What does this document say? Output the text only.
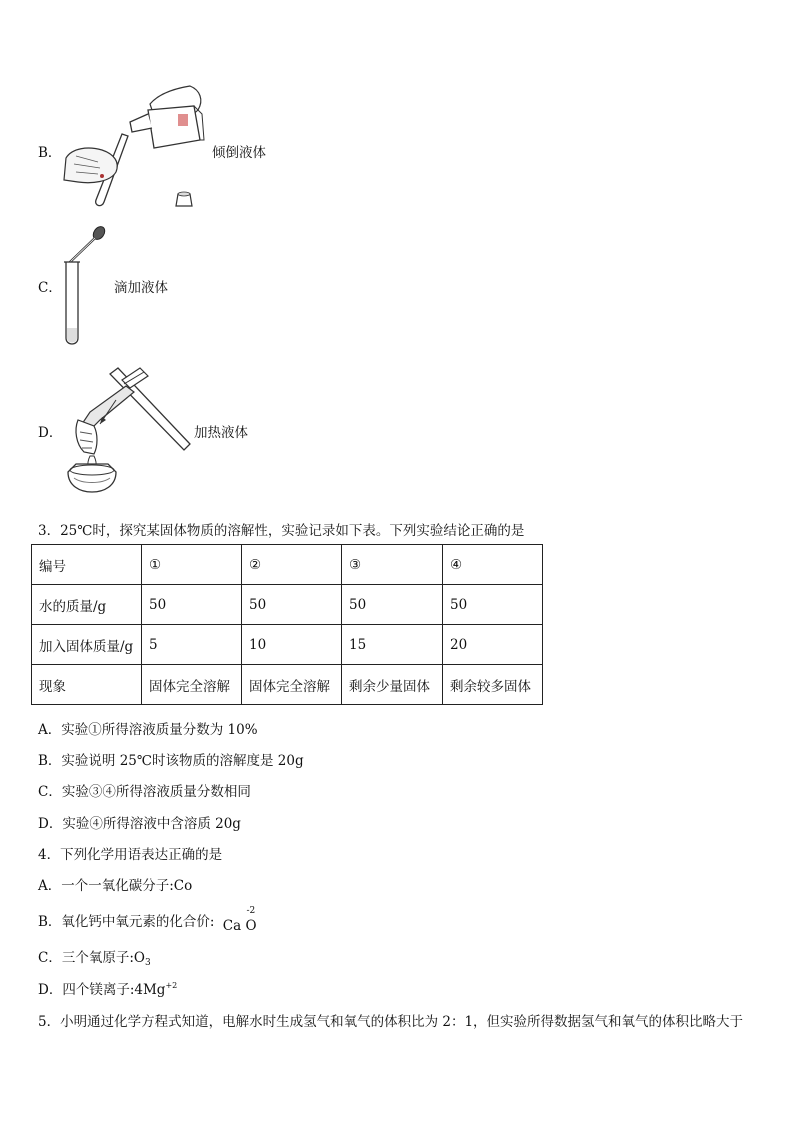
B．	倾倒液体
C．	滴加液体
D．	加热液体
3．25℃时，探究某固体物质的溶解性，实验记录如下表。下列实验结论正确的是
编号	①	②	③	④
水的质量/g	50	50	50	50
加入固体质量/g	5	10	15	20
现象	固体完全溶解	固体完全溶解	剩余少量固体	剩余较多固体
A．实验①所得溶液质量分数为 10%
B．实验说明 25℃时该物质的溶解度是 20g
C．实验③④所得溶液质量分数相同
D．实验④所得溶液中含溶质 20g
4．下列化学用语表达正确的是
A．一个一氧化碳分子:Co
B．氧化钙中氧元素的化合价: Ca O
-2
C．三个氧原子$:O_3$
D．四个镁离子$:4Mg^{+2}$
5．小明通过化学方程式知道，电解水时生成氢气和氧气的体积比为 2：1，但实验所得数据氢气和氧气的体积比略大于
